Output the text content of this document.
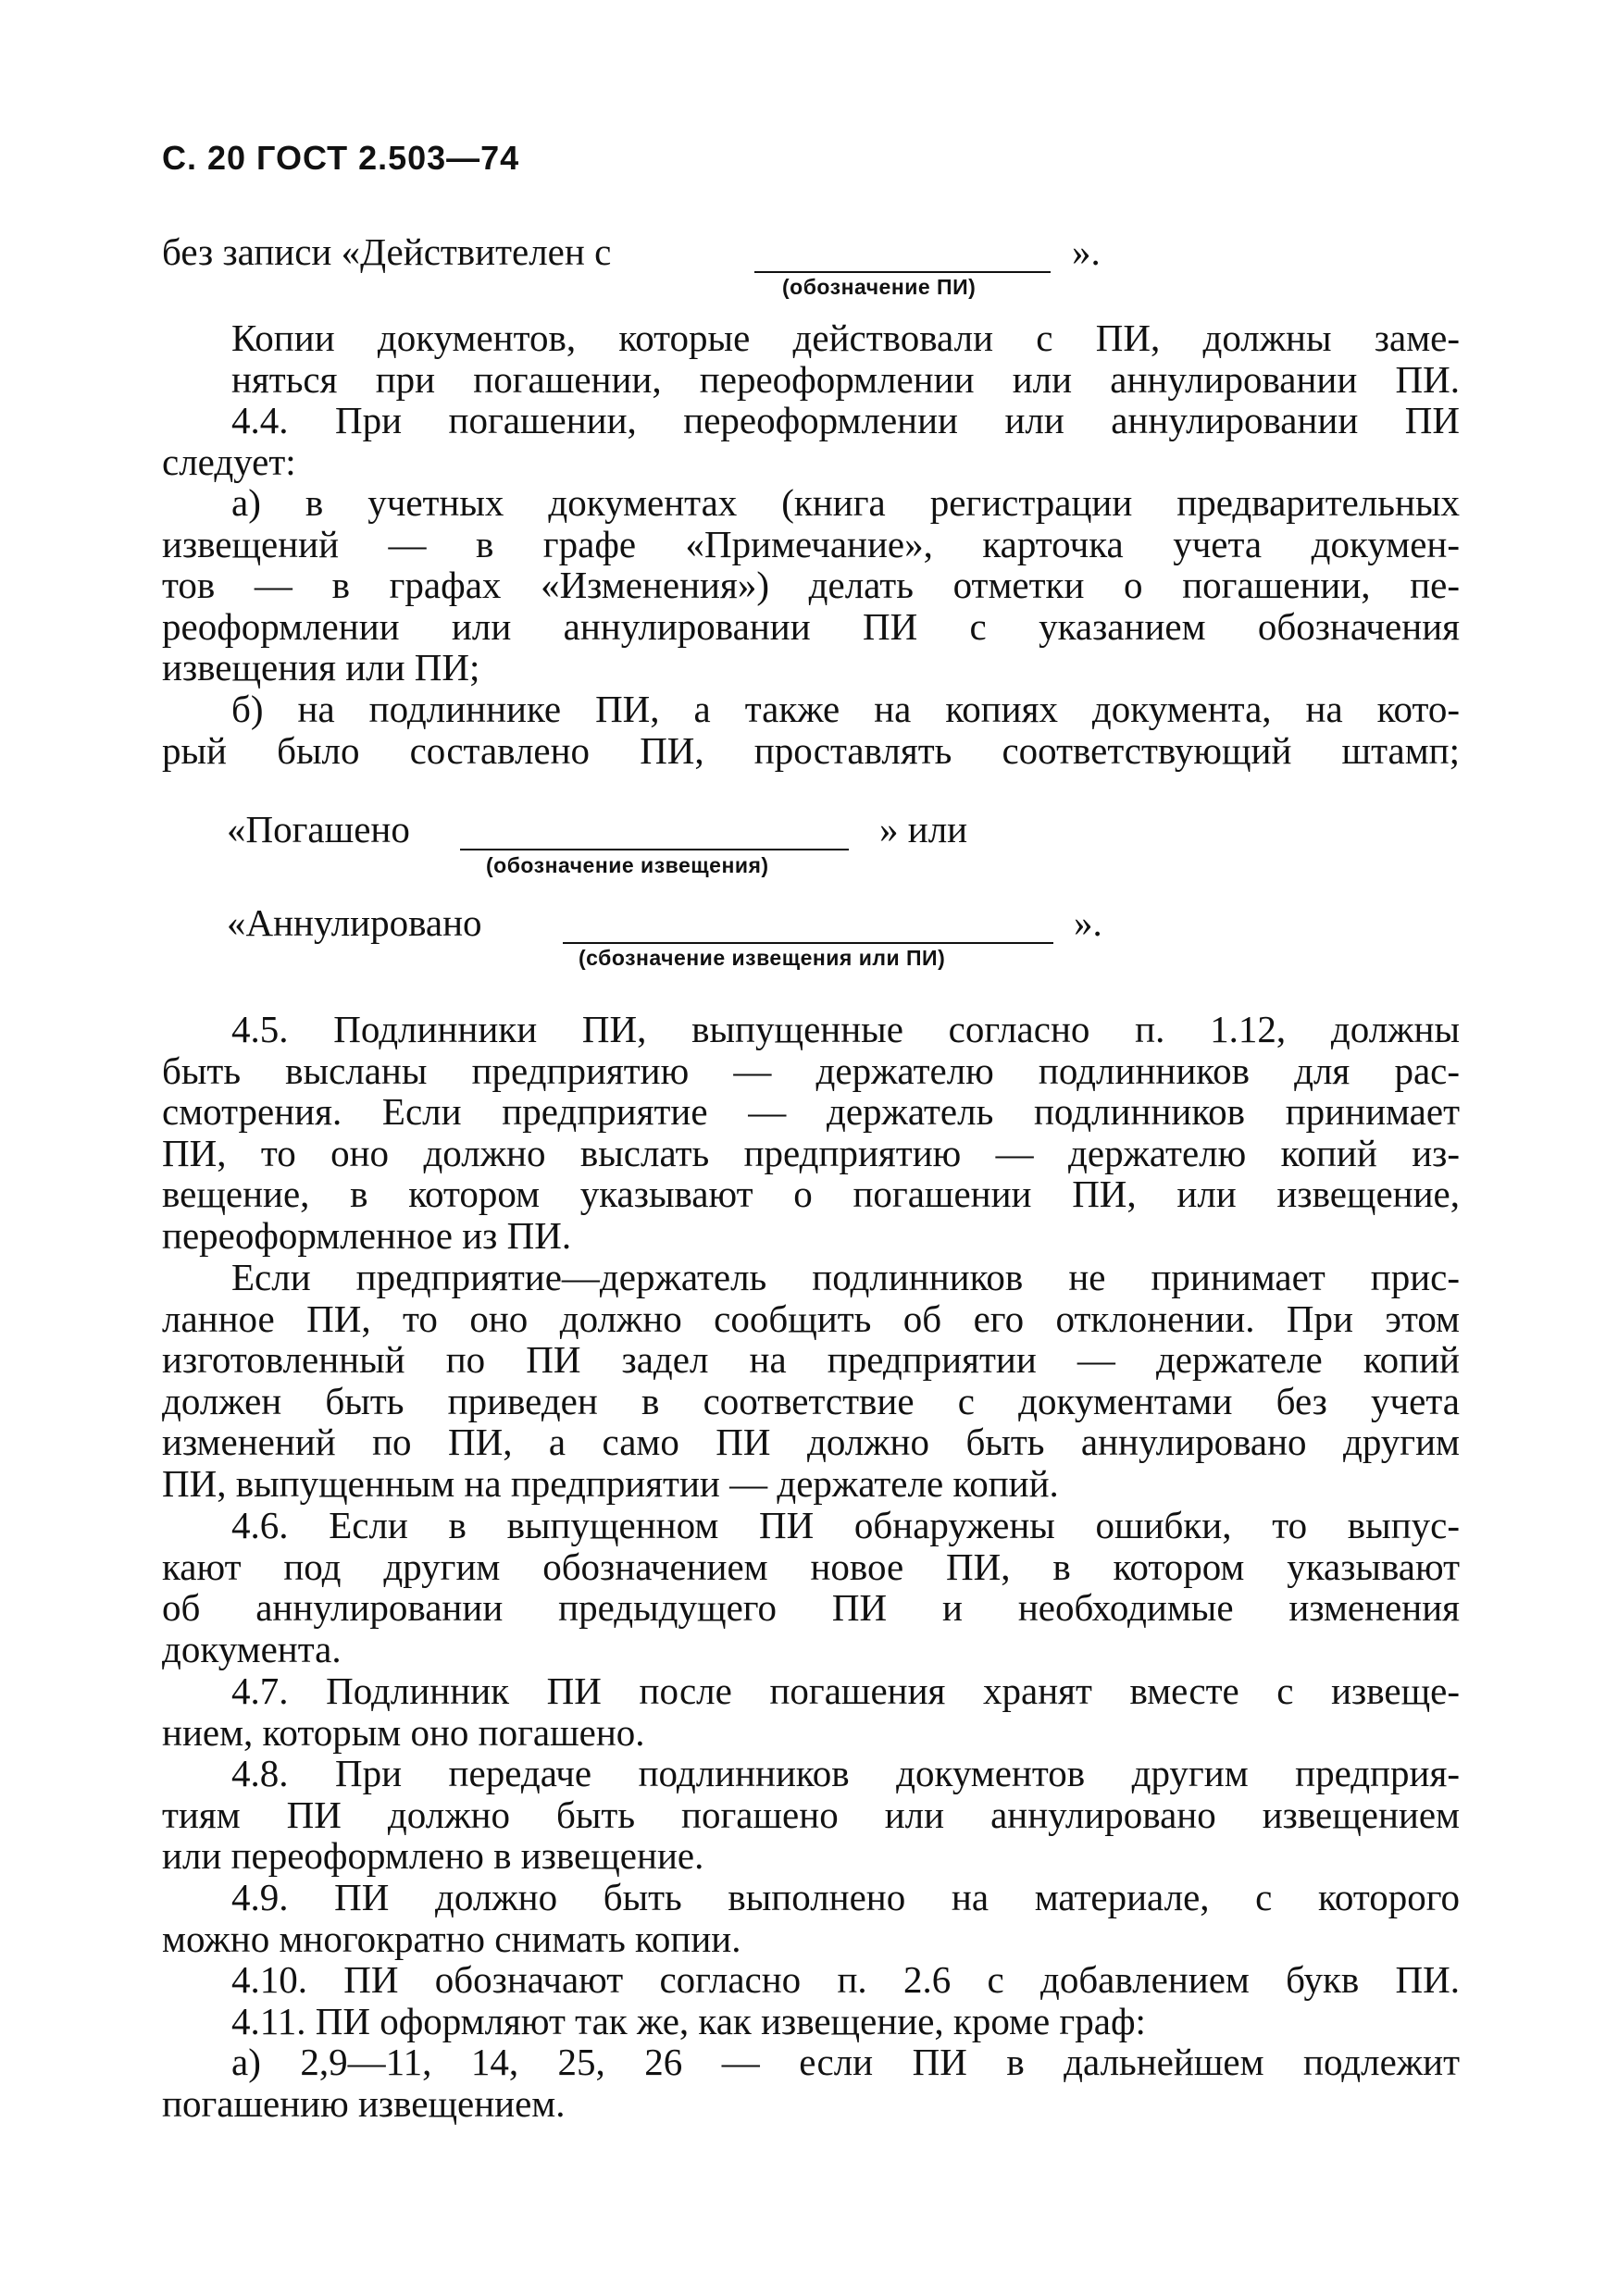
С. 20 ГОСТ 2.503—74
без записи «Действителен с	».
(обозначение ПИ)
Копии документов, которые действовали с ПИ, должны заме-
няться при погашении, переоформлении или аннулировании ПИ.
4.4. При погашении, переоформлении или аннулировании ПИ
следует:
а) в учетных документах (книга регистрации предварительных
извещений — в графе «Примечание», карточка учета докумен-
тов — в графах «Изменения») делать отметки о погашении, пе-
реоформлении или аннулировании ПИ с указанием обозначения
извещения или ПИ;
б) на подлиннике ПИ, а также на копиях документа, на кото-
рый было составлено ПИ, проставлять соответствующий штамп;
«Погашено	» или
(обозначение извещения)
«Аннулировано	».
(сбозначение извещения или ПИ)
4.5. Подлинники ПИ, выпущенные согласно п. 1.12, должны
быть высланы предприятию — держателю подлинников для рас-
смотрения. Если предприятие — держатель подлинников принимает
ПИ, то оно должно выслать предприятию — держателю копий из-
вещение, в котором указывают о погашении ПИ, или извещение,
переоформленное из ПИ.
Если предприятие—держатель подлинников не принимает прис-
ланное ПИ, то оно должно сообщить об его отклонении. При этом
изготовленный по ПИ задел на предприятии — держателе копий
должен быть приведен в соответствие с документами без учета
изменений по ПИ, а само ПИ должно быть аннулировано другим
ПИ, выпущенным на предприятии — держателе копий.
4.6. Если в выпущенном ПИ обнаружены ошибки, то выпус-
кают под другим обозначением новое ПИ, в котором указывают
об аннулировании предыдущего ПИ и необходимые изменения
документа.
4.7. Подлинник ПИ после погашения хранят вместе с извеще-
нием, которым оно погашено.
4.8. При передаче подлинников документов другим предприя-
тиям ПИ должно быть погашено или аннулировано извещением
или переоформлено в извещение.
4.9. ПИ должно быть выполнено на материале, с которого
можно многократно снимать копии.
4.10. ПИ обозначают согласно п. 2.6 с добавлением букв ПИ.
4.11. ПИ оформляют так же, как извещение, кроме граф:
а) 2,9—11, 14, 25, 26 — если ПИ в дальнейшем подлежит
погашению извещением.
